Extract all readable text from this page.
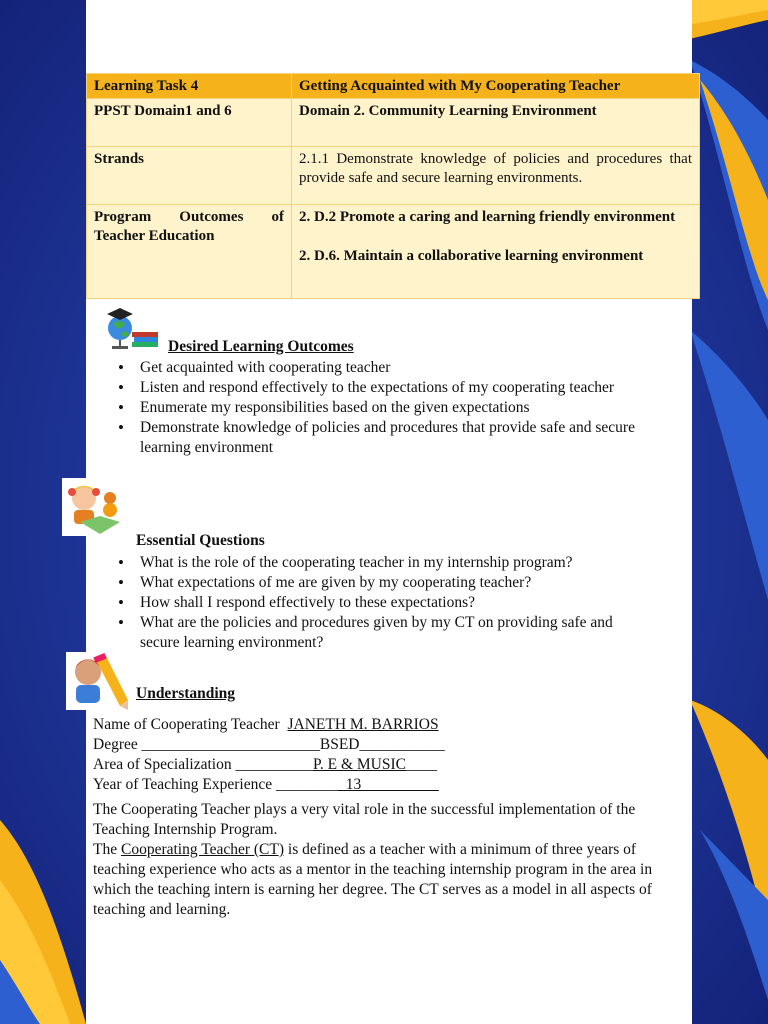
Learning Task 4	Getting Acquainted with My Cooperating Teacher
PPST Domain1 and 6	Domain 2. Community Learning Environment
Strands	2.1.1 Demonstrate knowledge of policies and procedures that provide safe and secure learning environments.
Program Outcomes of Teacher Education	2. D.2 Promote a caring and learning friendly environment
2. D.6. Maintain a collaborative learning environment
Desired Learning Outcomes
• Get acquainted with cooperating teacher
• Listen and respond effectively to the expectations of my cooperating teacher
• Enumerate my responsibilities based on the given expectations
• Demonstrate knowledge of policies and procedures that provide safe and secure learning environment
Essential Questions
• What is the role of the cooperating teacher in my internship program?
• What expectations of me are given by my cooperating teacher?
• How shall I respond effectively to these expectations?
• What are the policies and procedures given by my CT on providing safe and secure learning environment?
Understanding
Name of Cooperating Teacher JANETH M. BARRIOS
Degree _______________________BSED___________
Area of Specialization __________P. E & MUSIC____
Year of Teaching Experience _________13__________
The Cooperating Teacher plays a very vital role in the successful implementation of the Teaching Internship Program.
The Cooperating Teacher (CT) is defined as a teacher with a minimum of three years of teaching experience who acts as a mentor in the teaching internship program in the area in which the teaching intern is earning her degree. The CT serves as a model in all aspects of teaching and learning.
